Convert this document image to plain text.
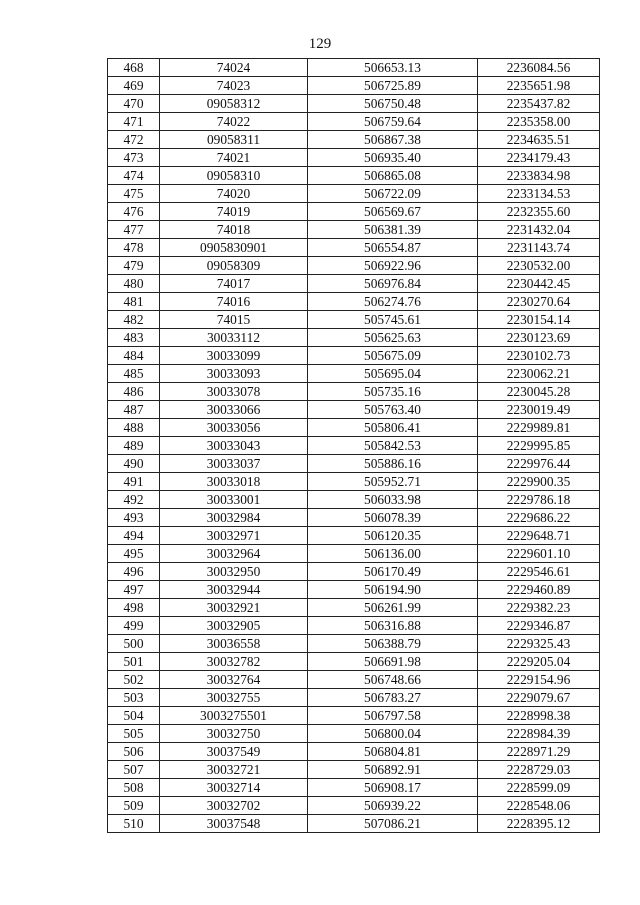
129
468	74024	506653.13	2236084.56
469	74023	506725.89	2235651.98
470	09058312	506750.48	2235437.82
471	74022	506759.64	2235358.00
472	09058311	506867.38	2234635.51
473	74021	506935.40	2234179.43
474	09058310	506865.08	2233834.98
475	74020	506722.09	2233134.53
476	74019	506569.67	2232355.60
477	74018	506381.39	2231432.04
478	0905830901	506554.87	2231143.74
479	09058309	506922.96	2230532.00
480	74017	506976.84	2230442.45
481	74016	506274.76	2230270.64
482	74015	505745.61	2230154.14
483	30033112	505625.63	2230123.69
484	30033099	505675.09	2230102.73
485	30033093	505695.04	2230062.21
486	30033078	505735.16	2230045.28
487	30033066	505763.40	2230019.49
488	30033056	505806.41	2229989.81
489	30033043	505842.53	2229995.85
490	30033037	505886.16	2229976.44
491	30033018	505952.71	2229900.35
492	30033001	506033.98	2229786.18
493	30032984	506078.39	2229686.22
494	30032971	506120.35	2229648.71
495	30032964	506136.00	2229601.10
496	30032950	506170.49	2229546.61
497	30032944	506194.90	2229460.89
498	30032921	506261.99	2229382.23
499	30032905	506316.88	2229346.87
500	30036558	506388.79	2229325.43
501	30032782	506691.98	2229205.04
502	30032764	506748.66	2229154.96
503	30032755	506783.27	2229079.67
504	3003275501	506797.58	2228998.38
505	30032750	506800.04	2228984.39
506	30037549	506804.81	2228971.29
507	30032721	506892.91	2228729.03
508	30032714	506908.17	2228599.09
509	30032702	506939.22	2228548.06
510	30037548	507086.21	2228395.12
